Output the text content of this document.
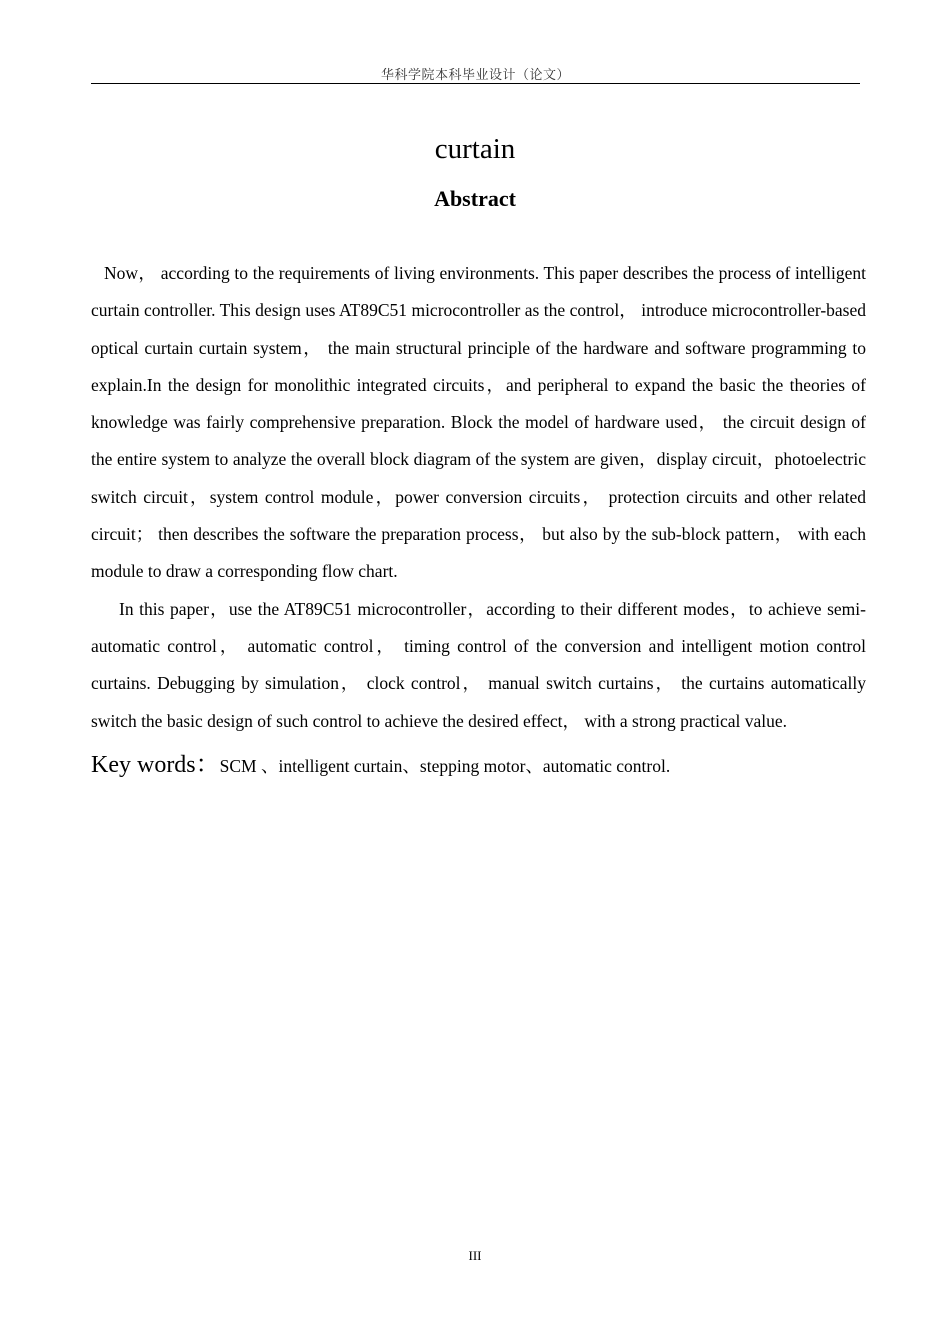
华科学院本科毕业设计（论文）
curtain
Abstract

Now， according to the requirements of living environments. This paper describes the process of intelligent curtain controller. This design uses AT89C51 microcontroller as the control， introduce microcontroller-based optical curtain curtain system， the main structural principle of the hardware and software programming to explain.In the design for monolithic integrated circuits，and peripheral to expand the basic the theories of knowledge was fairly comprehensive preparation. Block the model of hardware used， the circuit design of the entire system to analyze the overall block diagram of the system are given，display circuit，photoelectric switch circuit，system control module，power conversion circuits， protection circuits and other related circuit； then describes the software the preparation process， but also by the sub-block pattern， with each module to draw a corresponding flow chart.

In this paper，use the AT89C51 microcontroller，according to their different modes，to achieve semi-automatic control， automatic control， timing control of the conversion and intelligent motion control curtains. Debugging by simulation， clock control， manual switch curtains， the curtains automatically switch the basic design of such control to achieve the desired effect， with a strong practical value.

Key words：SCM 、intelligent curtain、stepping motor、automatic control.

III
